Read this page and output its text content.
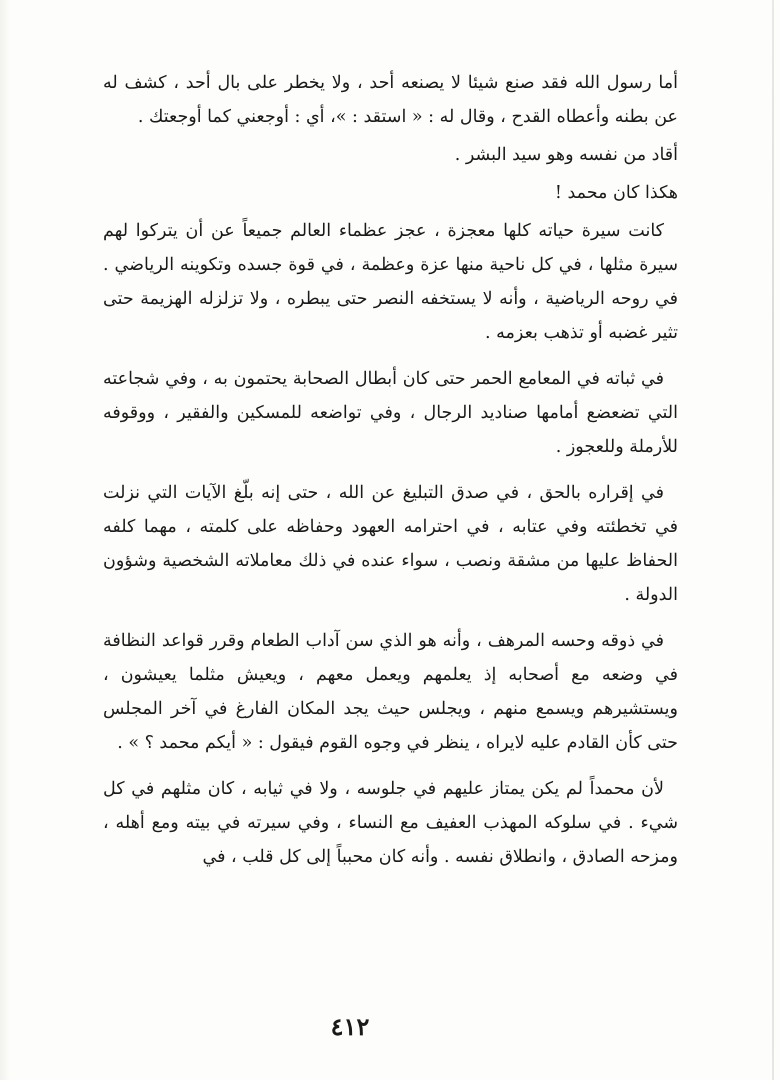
أما رسول الله فقد صنع شيئا لا يصنعه أحد ، ولا يخطر على بال أحد ، كشف له عن بطنه وأعطاه القدح ، وقال له : « استقد : »، أي : أوجعني كما أوجعتك .

أقاد من نفسه وهو سيد البشر .

هكذا كان محمد !

كانت سيرة حياته كلها معجزة ، عجز عظماء العالم جميعاً عن أن يتركوا لهم سيرة مثلها ، في كل ناحية منها عزة وعظمة ، في قوة جسده وتكوينه الرياضي . في روحه الرياضية ، وأنه لا يستخفه النصر حتى يبطره ، ولا تزلزله الهزيمة حتى تثير غضبه أو تذهب بعزمه .

في ثباته في المعامع الحمر حتى كان أبطال الصحابة يحتمون به ، وفي شجاعته التي تضعضع أمامها صناديد الرجال ، وفي تواضعه للمسكين والفقير ، ووقوفه للأرملة وللعجوز .

في إقراره بالحق ، في صدق التبليغ عن الله ، حتى إنه بلّغ الآيات التي نزلت في تخطئته وفي عتابه ، في احترامه العهود وحفاظه على كلمته ، مهما كلفه الحفاظ عليها من مشقة ونصب ، سواء عنده في ذلك معاملاته الشخصية وشؤون الدولة .

في ذوقه وحسه المرهف ، وأنه هو الذي سن آداب الطعام وقرر قواعد النظافة في وضعه مع أصحابه إذ يعلمهم ويعمل معهم ، ويعيش مثلما يعيشون ، ويستشيرهم ويسمع منهم ، ويجلس حيث يجد المكان الفارغ في آخر المجلس حتى كأن القادم عليه لايراه ، ينظر في وجوه القوم فيقول : « أيكم محمد ؟ » .

لأن محمداً لم يكن يمتاز عليهم في جلوسه ، ولا في ثيابه ، كان مثلهم في كل شيء . في سلوكه المهذب العفيف مع النساء ، وفي سيرته في بيته ومع أهله ، ومزحه الصادق ، وانطلاق نفسه . وأنه كان محبباً إلى كل قلب ، في

٤١٢
